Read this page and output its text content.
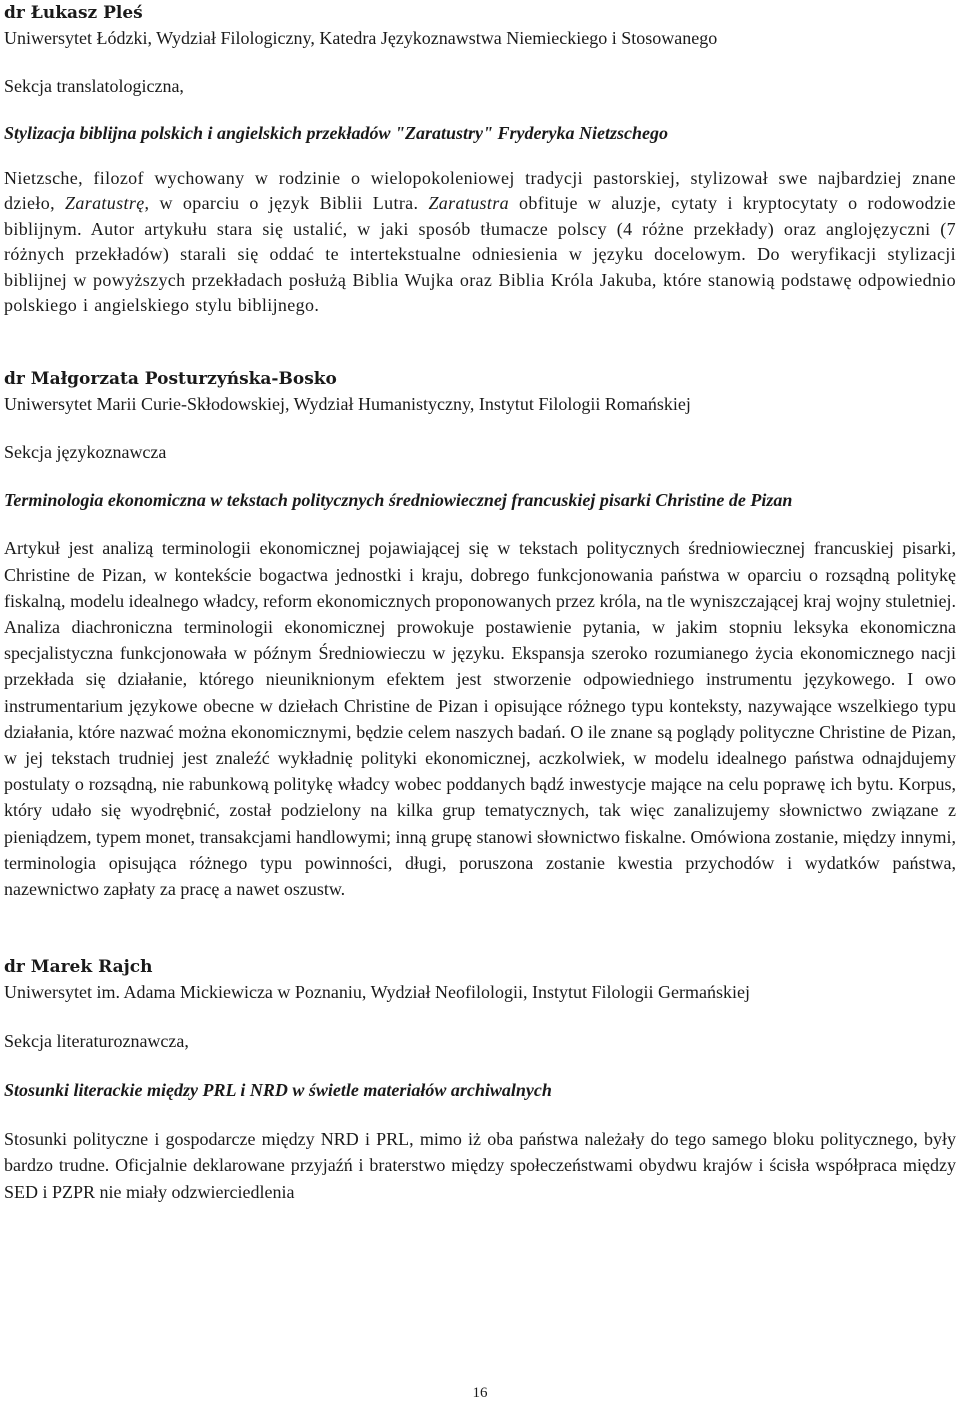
dr Łukasz Pleś

Uniwersytet Łódzki, Wydział Filologiczny, Katedra Językoznawstwa Niemieckiego i Stosowanego

Sekcja translatologiczna,

Stylizacja biblijna polskich i angielskich przekładów "Zaratustry" Fryderyka Nietzschego

Nietzsche, filozof wychowany w rodzinie o wielopokoleniowej tradycji pastorskiej, stylizował swe najbardziej znane dzieło, Zaratustrę, w oparciu o język Biblii Lutra. Zaratustra obfituje w aluzje, cytaty i kryptocytaty o rodowodzie biblijnym. Autor artykułu stara się ustalić, w jaki sposób tłumacze polscy (4 różne przekłady) oraz anglojęzyczni (7 różnych przekładów) starali się oddać te intertekstualne odniesienia w języku docelowym. Do weryfikacji stylizacji biblijnej w powyższych przekładach posłużą Biblia Wujka oraz Biblia Króla Jakuba, które stanowią podstawę odpowiednio polskiego i angielskiego stylu biblijnego.

dr Małgorzata Posturzyńska-Bosko

Uniwersytet Marii Curie-Skłodowskiej, Wydział Humanistyczny, Instytut Filologii Romańskiej

Sekcja językoznawcza

Terminologia ekonomiczna w tekstach politycznych średniowiecznej francuskiej pisarki Christine de Pizan

Artykuł jest analizą terminologii ekonomicznej pojawiającej się w tekstach politycznych średniowiecznej francuskiej pisarki, Christine de Pizan, w kontekście bogactwa jednostki i kraju, dobrego funkcjonowania państwa w oparciu o rozsądną politykę fiskalną, modelu idealnego władcy, reform ekonomicznych proponowanych przez króla, na tle wyniszczającej kraj wojny stuletniej. Analiza diachroniczna terminologii ekonomicznej prowokuje postawienie pytania, w jakim stopniu leksyka ekonomiczna specjalistyczna funkcjonowała w późnym Średniowieczu w języku. Ekspansja szeroko rozumianego życia ekonomicznego nacji przekłada się działanie, którego nieuniknionym efektem jest stworzenie odpowiedniego instrumentu językowego. I owo instrumentarium językowe obecne w dziełach Christine de Pizan i opisujące różnego typu konteksty, nazywające wszelkiego typu działania, które nazwać można ekonomicznymi, będzie celem naszych badań. O ile znane są poglądy polityczne Christine de Pizan, w jej tekstach trudniej jest znaleźć wykładnię polityki ekonomicznej, aczkolwiek, w modelu idealnego państwa odnajdujemy postulaty o rozsądną, nie rabunkową politykę władcy wobec poddanych bądź inwestycje mające na celu poprawę ich bytu. Korpus, który udało się wyodrębnić, został podzielony na kilka grup tematycznych, tak więc zanalizujemy słownictwo związane z pieniądzem, typem monet, transakcjami handlowymi; inną grupę stanowi słownictwo fiskalne. Omówiona zostanie, między innymi, terminologia opisująca różnego typu powinności, długi, poruszona zostanie kwestia przychodów i wydatków państwa, nazewnictwo zapłaty za pracę a nawet oszustw.

dr Marek Rajch

Uniwersytet im. Adama Mickiewicza w Poznaniu, Wydział Neofilologii, Instytut Filologii Germańskiej

Sekcja literaturoznawcza,

Stosunki literackie między PRL i NRD w świetle materiałów archiwalnych

Stosunki polityczne i gospodarcze między NRD i PRL, mimo iż oba państwa należały do tego samego bloku politycznego, były bardzo trudne. Oficjalnie deklarowane przyjaźń i braterstwo między społeczeństwami obydwu krajów i ścisła współpraca między SED i PZPR nie miały odzwierciedlenia

16
